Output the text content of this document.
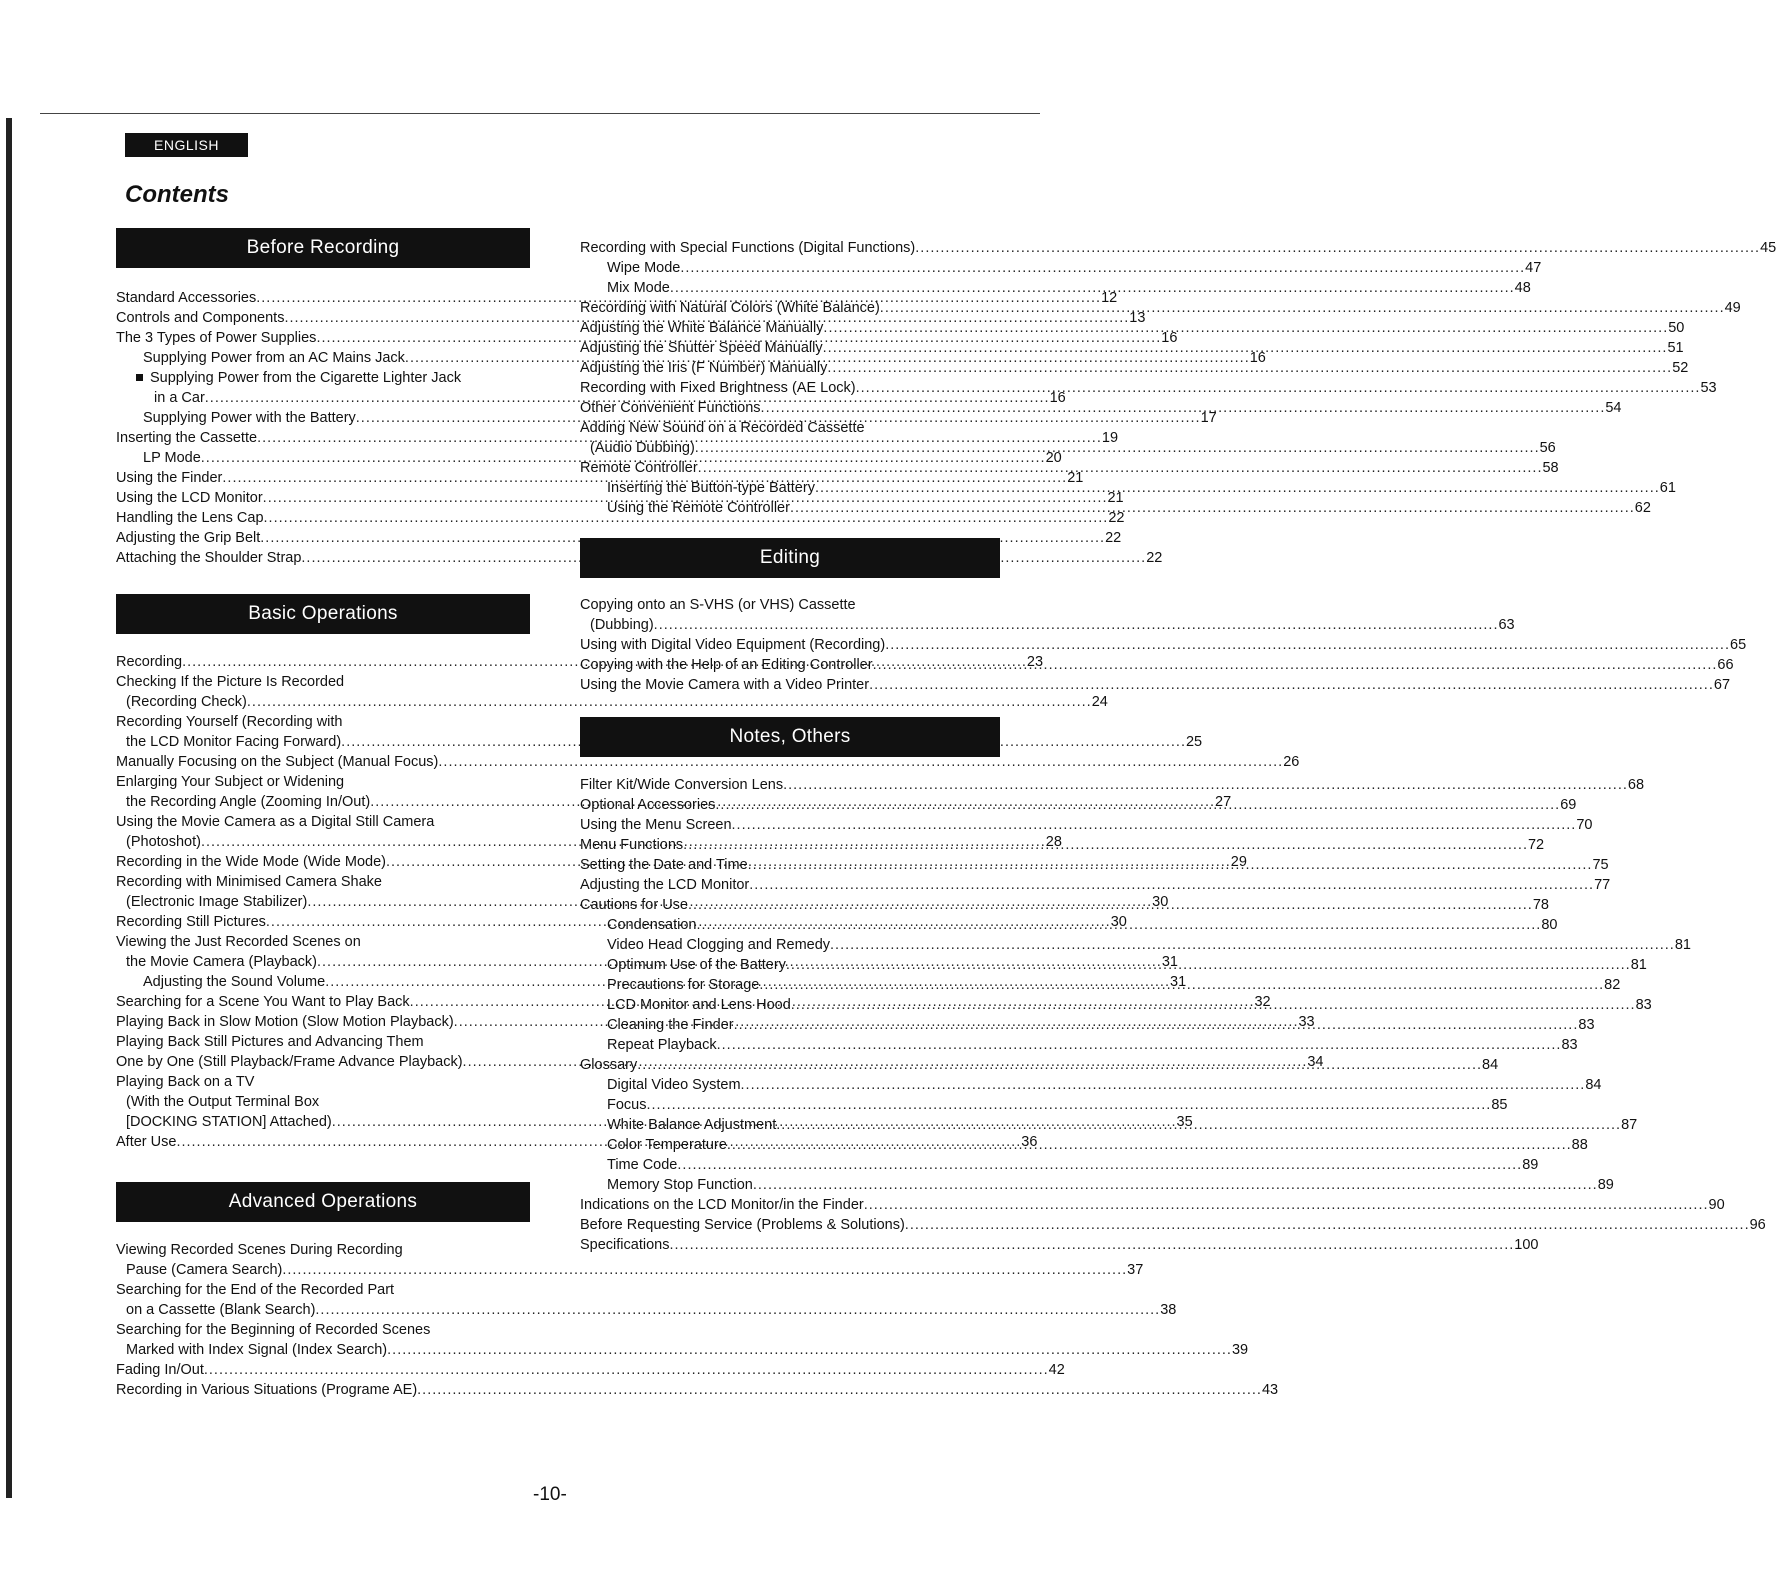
ENGLISH
Contents
Before Recording
Standard Accessories .....	12
Controls and Components .....	13
The 3 Types of Power Supplies .....	16
Supplying Power from an AC Mains Jack .....	16
Supplying Power from the Cigarette Lighter Jack
in a Car .....	16
Supplying Power with the Battery .....	17
Inserting the Cassette .....	19
LP Mode .....	20
Using the Finder .....	21
Using the LCD Monitor .....	21
Handling the Lens Cap .....	22
Adjusting the Grip Belt .....	22
Attaching the Shoulder Strap .....	22
Basic Operations
Recording .....	23
Checking If the Picture Is Recorded
(Recording Check) .....	24
Recording Yourself (Recording with
the LCD Monitor Facing Forward) .....	25
Manually Focusing on the Subject (Manual Focus) .....	26
Enlarging Your Subject or Widening
the Recording Angle (Zooming In/Out) .....	27
Using the Movie Camera as a Digital Still Camera
(Photoshot) .....	28
Recording in the Wide Mode (Wide Mode) .....	29
Recording with Minimised Camera Shake
(Electronic Image Stabilizer) .....	30
Recording Still Pictures .....	30
Viewing the Just Recorded Scenes on
the Movie Camera (Playback) .....	31
Adjusting the Sound Volume .....	31
Searching for a Scene You Want to Play Back .....	32
Playing Back in Slow Motion (Slow Motion Playback) .....	33
Playing Back Still Pictures and Advancing Them
One by One (Still Playback/Frame Advance Playback) .....	34
Playing Back on a TV
(With the Output Terminal Box
[DOCKING STATION] Attached) .....	35
After Use .....	36
Advanced Operations
Viewing Recorded Scenes During Recording
Pause (Camera Search) .....	37
Searching for the End of the Recorded Part
on a Cassette (Blank Search) .....	38
Searching for the Beginning of Recorded Scenes
Marked with Index Signal (Index Search) .....	39
Fading In/Out .....	42
Recording in Various Situations (Programe AE) .....	43
Recording with Special Functions (Digital Functions) .....	45
Wipe Mode .....	47
Mix Mode .....	48
Recording with Natural Colors (White Balance) .....	49
Adjusting the White Balance Manually .....	50
Adjusting the Shutter Speed Manually .....	51
Adjusting the Iris (F Number) Manually .....	52
Recording with Fixed Brightness (AE Lock) .....	53
Other Convenient Functions .....	54
Adding New Sound on a Recorded Cassette
(Audio Dubbing) .....	56
Remote Controller .....	58
Inserting the Button-type Battery .....	61
Using the Remote Controller .....	62
Editing
Copying onto an S-VHS (or VHS) Cassette
(Dubbing) .....	63
Using with Digital Video Equipment (Recording) .....	65
Copying with the Help of an Editing Controller .....	66
Using the Movie Camera with a Video Printer .....	67
Notes, Others
Filter Kit/Wide Conversion Lens .....	68
Optional Accessories .....	69
Using the Menu Screen .....	70
Menu Functions .....	72
Setting the Date and Time .....	75
Adjusting the LCD Monitor .....	77
Cautions for Use .....	78
Condensation .....	80
Video Head Clogging and Remedy .....	81
Optimum Use of the Battery .....	81
Precautions for Storage .....	82
LCD Monitor and Lens Hood .....	83
Cleaning the Finder .....	83
Repeat Playback .....	83
Glossary .....	84
Digital Video System .....	84
Focus .....	85
White Balance Adjustment .....	87
Color Temperature .....	88
Time Code .....	89
Memory Stop Function .....	89
Indications on the LCD Monitor/in the Finder .....	90
Before Requesting Service (Problems & Solutions) .....	96
Specifications .....	100
-10-
